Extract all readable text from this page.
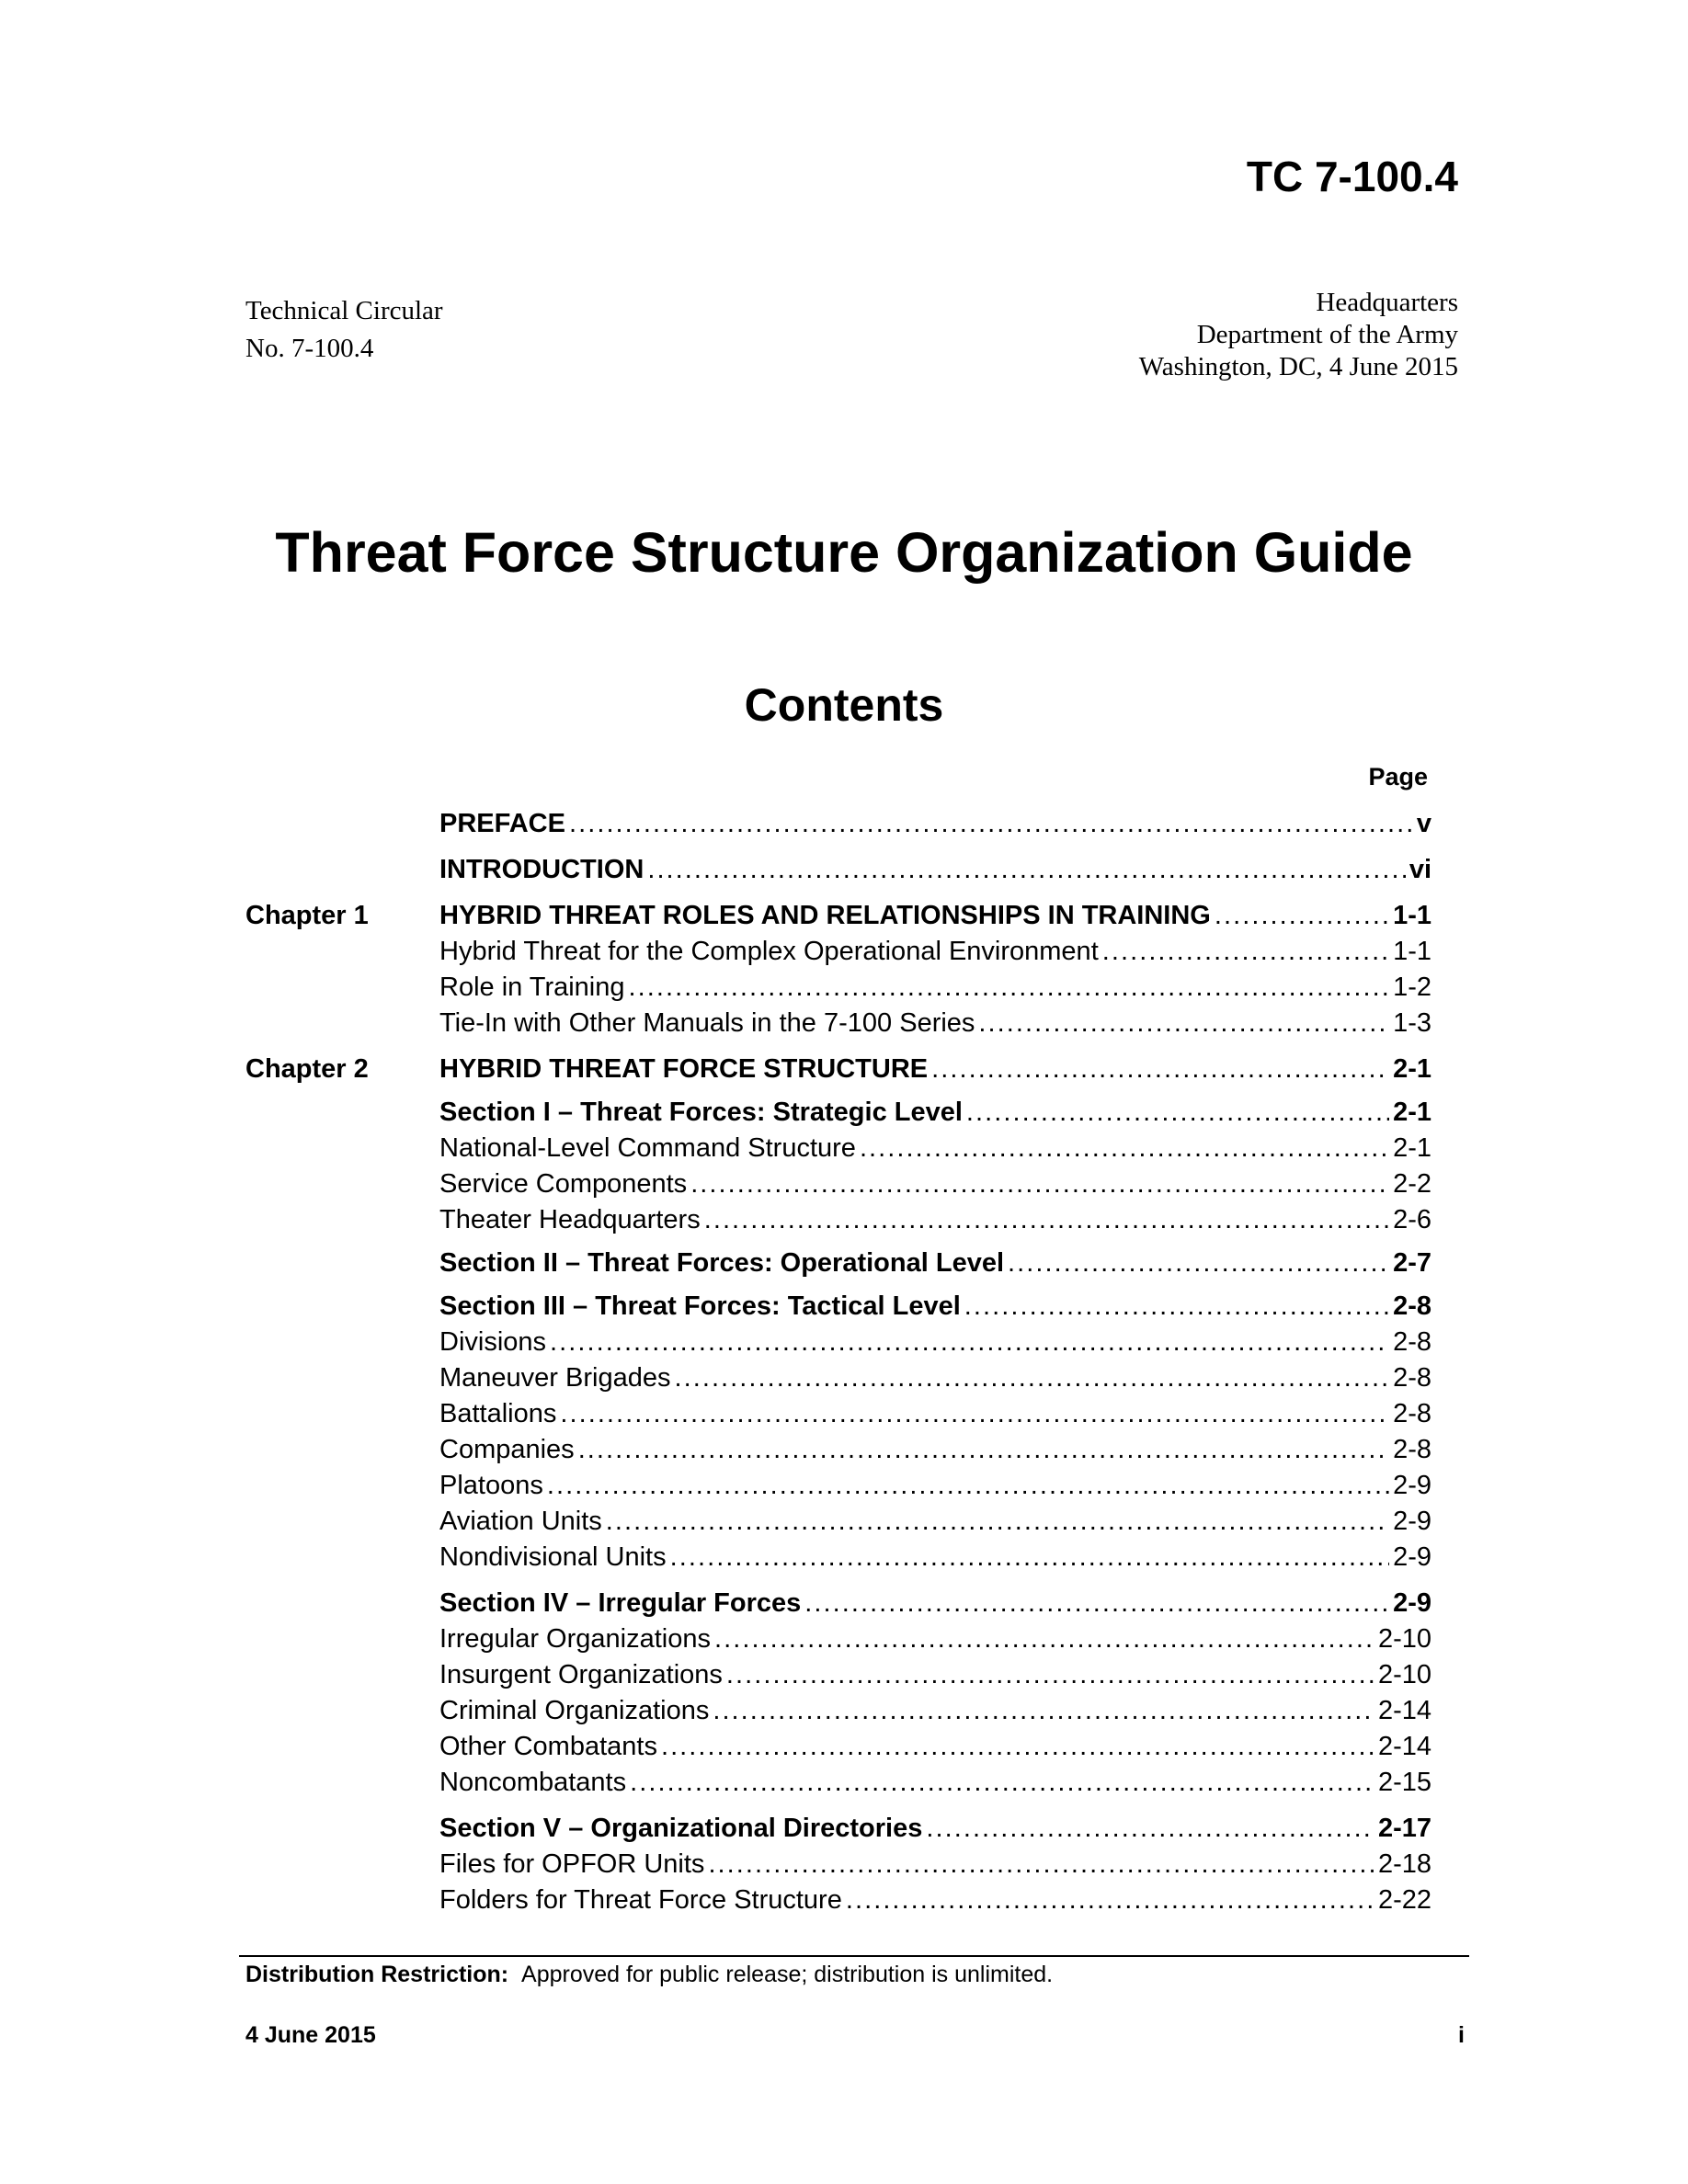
TC 7-100.4
Technical Circular
No. 7-100.4
Headquarters
Department of the Army
Washington, DC, 4 June 2015
Threat Force Structure Organization Guide
Contents
Page
PREFACE . . .	v
INTRODUCTION . . .	vi
Chapter 1	HYBRID THREAT ROLES AND RELATIONSHIPS IN TRAINING . . .	1-1
Hybrid Threat for the Complex Operational Environment . . .	1-1
Role in Training . . .	1-2
Tie-In with Other Manuals in the 7-100 Series . . .	1-3
Chapter 2	HYBRID THREAT FORCE STRUCTURE . . .	2-1
Section I – Threat Forces: Strategic Level . . .	2-1
National-Level Command Structure . . .	2-1
Service Components . . .	2-2
Theater Headquarters . . .	2-6
Section II – Threat Forces: Operational Level . . .	2-7
Section III – Threat Forces: Tactical Level . . .	2-8
Divisions . . .	2-8
Maneuver Brigades . . .	2-8
Battalions . . .	2-8
Companies . . .	2-8
Platoons . . .	2-9
Aviation Units . . .	2-9
Nondivisional Units . . .	2-9
Section IV – Irregular Forces . . .	2-9
Irregular Organizations . . .	2-10
Insurgent Organizations . . .	2-10
Criminal Organizations . . .	2-14
Other Combatants . . .	2-14
Noncombatants . . .	2-15
Section V – Organizational Directories . . .	2-17
Files for OPFOR Units . . .	2-18
Folders for Threat Force Structure . . .	2-22
Distribution Restriction: Approved for public release; distribution is unlimited.
4 June 2015	i
